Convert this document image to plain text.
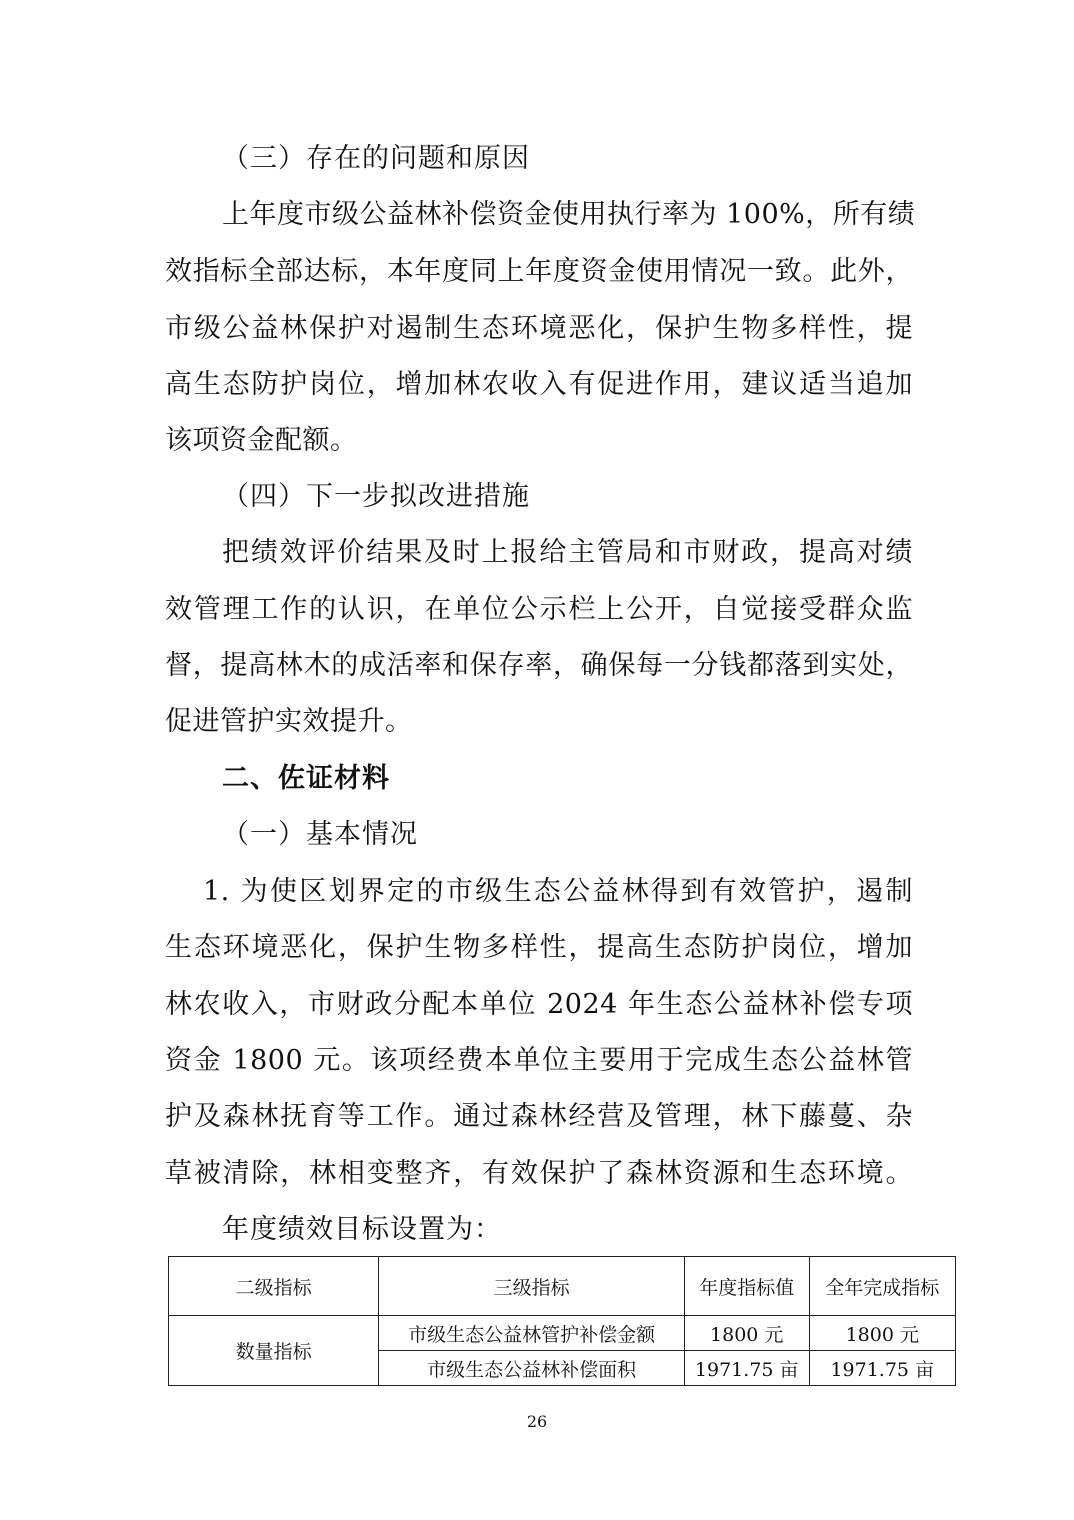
（三）存在的问题和原因
上年度市级公益林补偿资金使用执行率为 100%，所有绩
效指标全部达标，本年度同上年度资金使用情况一致。此外，
市级公益林保护对遏制生态环境恶化，保护生物多样性，提
高生态防护岗位，增加林农收入有促进作用，建议适当追加
该项资金配额。
（四）下一步拟改进措施
把绩效评价结果及时上报给主管局和市财政，提高对绩
效管理工作的认识，在单位公示栏上公开，自觉接受群众监
督，提高林木的成活率和保存率，确保每一分钱都落到实处，
促进管护实效提升。
二、佐证材料
（一）基本情况
1. 为使区划界定的市级生态公益林得到有效管护，遏制
生态环境恶化，保护生物多样性，提高生态防护岗位，增加
林农收入，市财政分配本单位 2024 年生态公益林补偿专项
资金 1800 元。该项经费本单位主要用于完成生态公益林管
护及森林抚育等工作。通过森林经营及管理，林下藤蔓、杂
草被清除，林相变整齐，有效保护了森林资源和生态环境。
年度绩效目标设置为：
二级指标	三级指标	年度指标值	全年完成指标
数量指标	市级生态公益林管护补偿金额	1800 元	1800 元
	市级生态公益林补偿面积	1971.75 亩	1971.75 亩
26
